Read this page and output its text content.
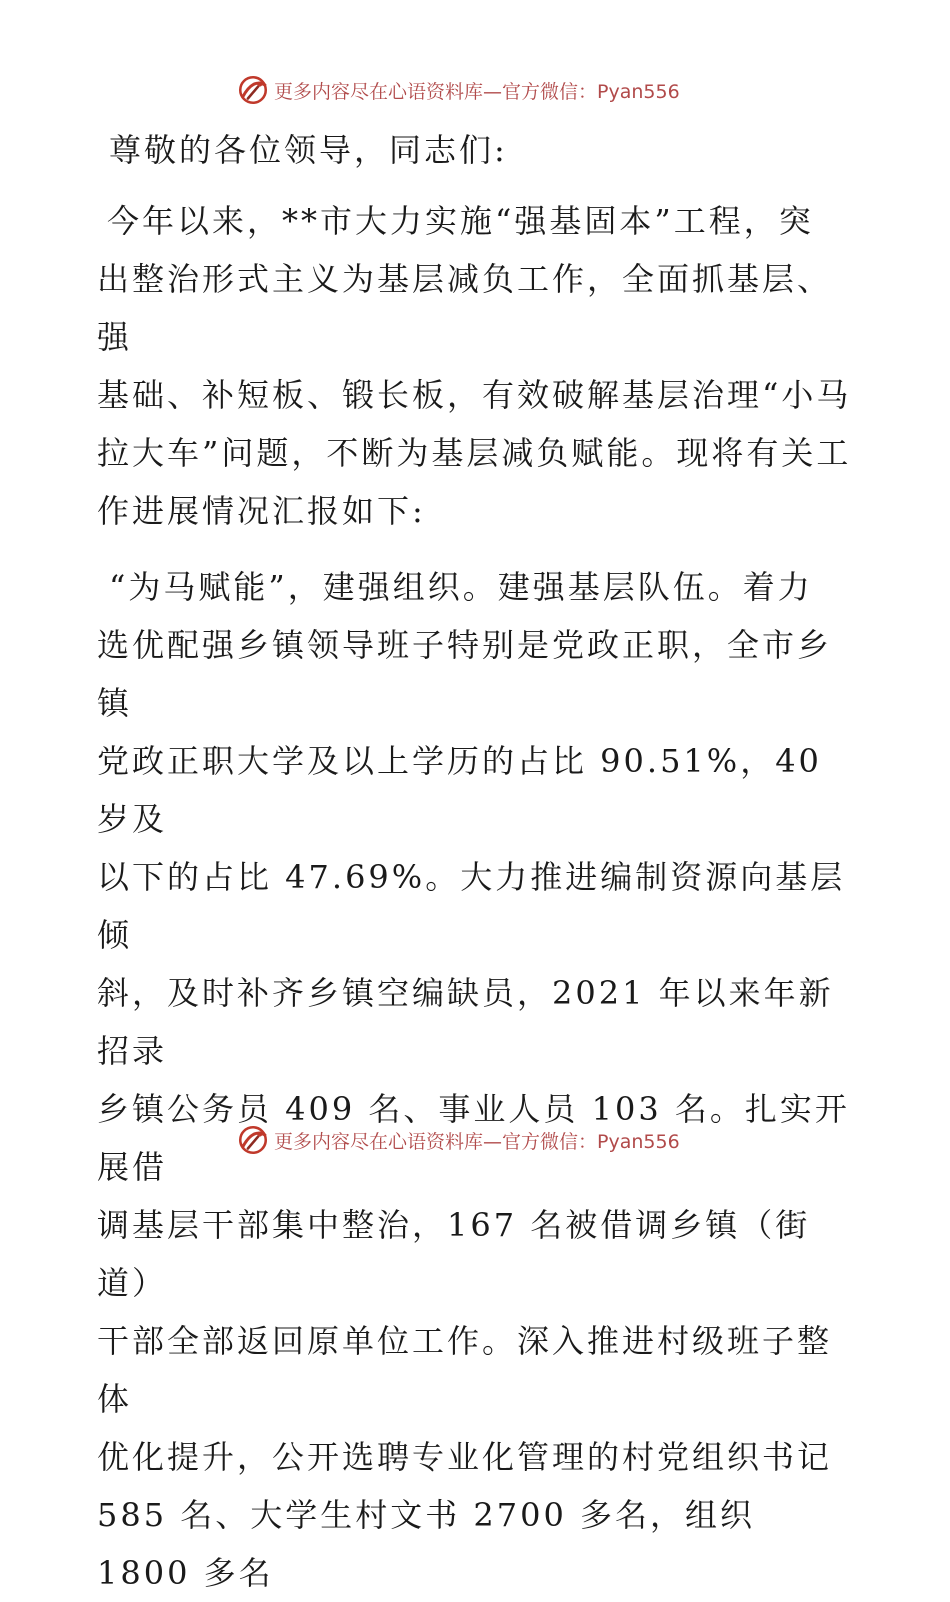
更多内容尽在心语资料库—官方微信：Pyan556

尊敬的各位领导，同志们:

今年以来，**市大力实施“强基固本”工程，突
出整治形式主义为基层减负工作，全面抓基层、强
基础、补短板、锻长板，有效破解基层治理“小马
拉大车”问题，不断为基层减负赋能。现将有关工
作进展情况汇报如下:
“为马赋能”，建强组织。建强基层队伍。着力
选优配强乡镇领导班子特别是党政正职，全市乡镇
党政正职大学及以上学历的占比 90.51%，40 岁及
以下的占比 47.69%。大力推进编制资源向基层倾
斜，及时补齐乡镇空编缺员，2021 年以来年新招录
乡镇公务员 409 名、事业人员 103 名。扎实开展借
调基层干部集中整治，167 名被借调乡镇（街道）
干部全部返回原单位工作。深入推进村级班子整体
优化提升，公开选聘专业化管理的村党组织书记
585 名、大学生村文书 2700 多名，组织 1800 多名
更多内容尽在心语资料库—官方微信：Pyan556
